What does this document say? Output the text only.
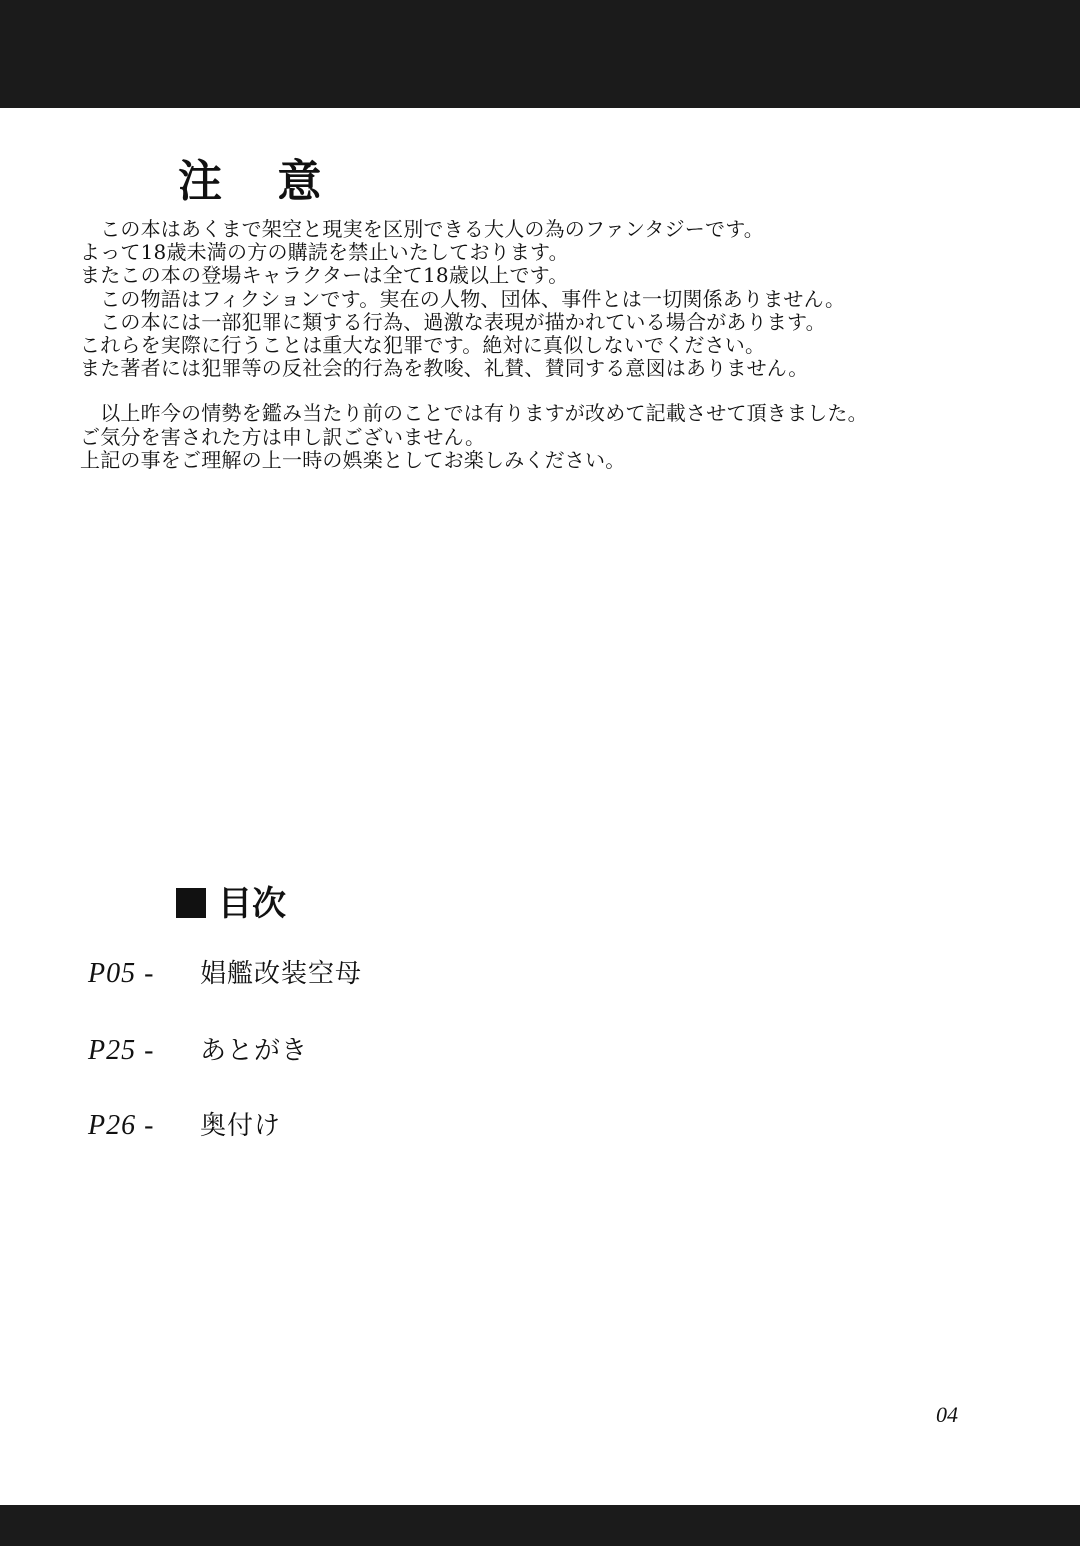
注 意
　この本はあくまで架空と現実を区別できる大人の為のファンタジーです。
よって18歳未満の方の購読を禁止いたしております。
またこの本の登場キャラクターは全て18歳以上です。
　この物語はフィクションです。実在の人物、団体、事件とは一切関係ありません。
　この本には一部犯罪に類する行為、過激な表現が描かれている場合があります。
これらを実際に行うことは重大な犯罪です。絶対に真似しないでください。
また著者には犯罪等の反社会的行為を教唆、礼賛、賛同する意図はありません。
　以上昨今の情勢を鑑み当たり前のことでは有りますが改めて記載させて頂きました。
ご気分を害された方は申し訳ございません。
上記の事をご理解の上一時の娯楽としてお楽しみください。
目次
P05 - 娼艦改装空母
P25 - あとがき
P26 - 奥付け
04
